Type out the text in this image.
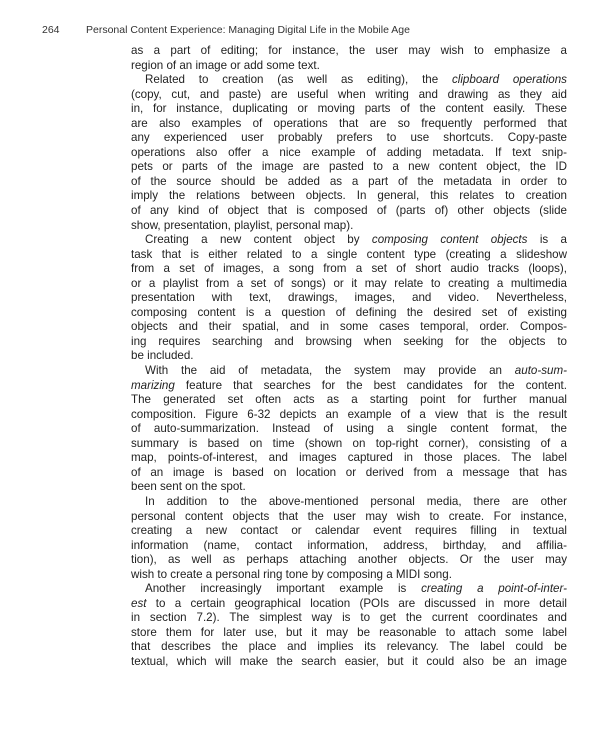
264	Personal Content Experience: Managing Digital Life in the Mobile Age
as a part of editing; for instance, the user may wish to emphasize a
region of an image or add some text.
Related to creation (as well as editing), the clipboard operations
(copy, cut, and paste) are useful when writing and drawing as they aid
in, for instance, duplicating or moving parts of the content easily. These
are also examples of operations that are so frequently performed that
any experienced user probably prefers to use shortcuts. Copy-paste
operations also offer a nice example of adding metadata. If text snip-
pets or parts of the image are pasted to a new content object, the ID
of the source should be added as a part of the metadata in order to
imply the relations between objects. In general, this relates to creation
of any kind of object that is composed of (parts of) other objects (slide
show, presentation, playlist, personal map).
Creating a new content object by composing content objects is a
task that is either related to a single content type (creating a slideshow
from a set of images, a song from a set of short audio tracks (loops),
or a playlist from a set of songs) or it may relate to creating a multimedia
presentation with text, drawings, images, and video. Nevertheless,
composing content is a question of defining the desired set of existing
objects and their spatial, and in some cases temporal, order. Compos-
ing requires searching and browsing when seeking for the objects to
be included.
With the aid of metadata, the system may provide an auto-sum-
marizing feature that searches for the best candidates for the content.
The generated set often acts as a starting point for further manual
composition. Figure 6-32 depicts an example of a view that is the result
of auto-summarization. Instead of using a single content format, the
summary is based on time (shown on top-right corner), consisting of a
map, points-of-interest, and images captured in those places. The label
of an image is based on location or derived from a message that has
been sent on the spot.
In addition to the above-mentioned personal media, there are other
personal content objects that the user may wish to create. For instance,
creating a new contact or calendar event requires filling in textual
information (name, contact information, address, birthday, and affilia-
tion), as well as perhaps attaching another objects. Or the user may
wish to create a personal ring tone by composing a MIDI song.
Another increasingly important example is creating a point-of-inter-
est to a certain geographical location (POIs are discussed in more detail
in section 7.2). The simplest way is to get the current coordinates and
store them for later use, but it may be reasonable to attach some label
that describes the place and implies its relevancy. The label could be
textual, which will make the search easier, but it could also be an image
